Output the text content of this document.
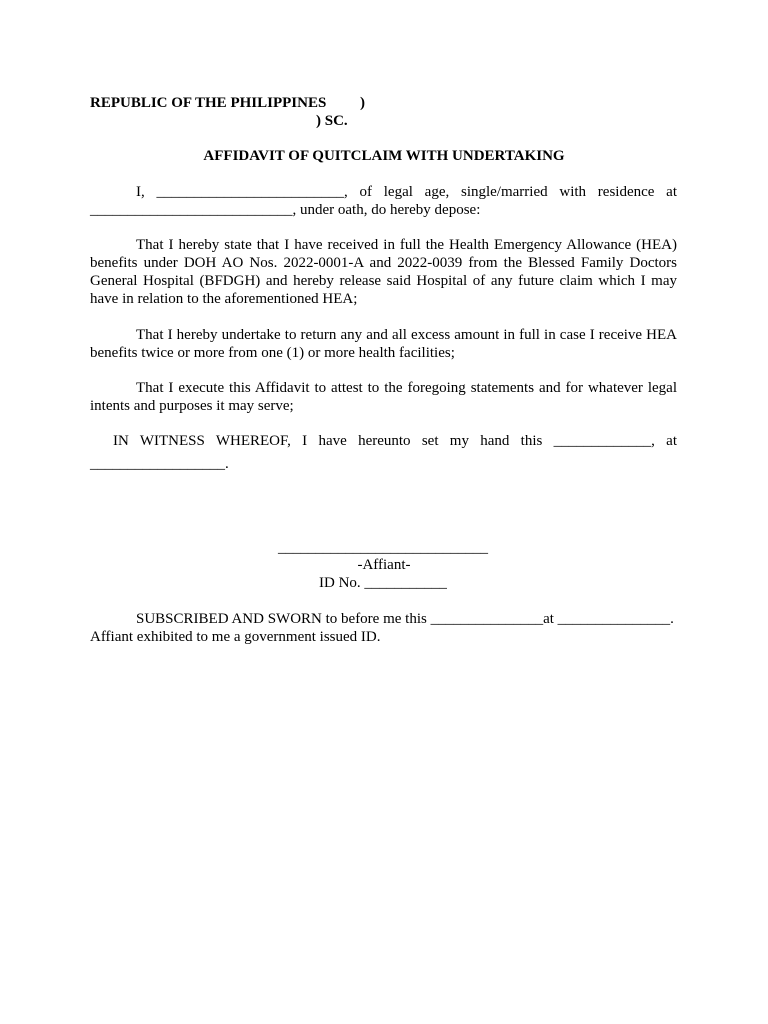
REPUBLIC OF THE PHILIPPINES )
) SC.
AFFIDAVIT OF QUITCLAIM WITH UNDERTAKING

I, _________________________, of legal age, single/married with residence at

___________________________, under oath, do hereby depose:

That I hereby state that I have received in full the Health Emergency Allowance (HEA) benefits under DOH AO Nos. 2022-0001-A and 2022-0039 from the Blessed Family Doctors General Hospital (BFDGH) and hereby release said Hospital of any future claim which I may have in relation to the aforementioned HEA;

That I hereby undertake to return any and all excess amount in full in case I receive HEA benefits twice or more from one (1) or more health facilities;

That I execute this Affidavit to attest to the foregoing statements and for whatever legal intents and purposes it may serve;

IN WITNESS WHEREOF, I have hereunto set my hand this _____________, at

__________________.

____________________________
-Affiant-
ID No. ___________

SUBSCRIBED AND SWORN to before me this _______________at _______________.

Affiant exhibited to me a government issued ID.
